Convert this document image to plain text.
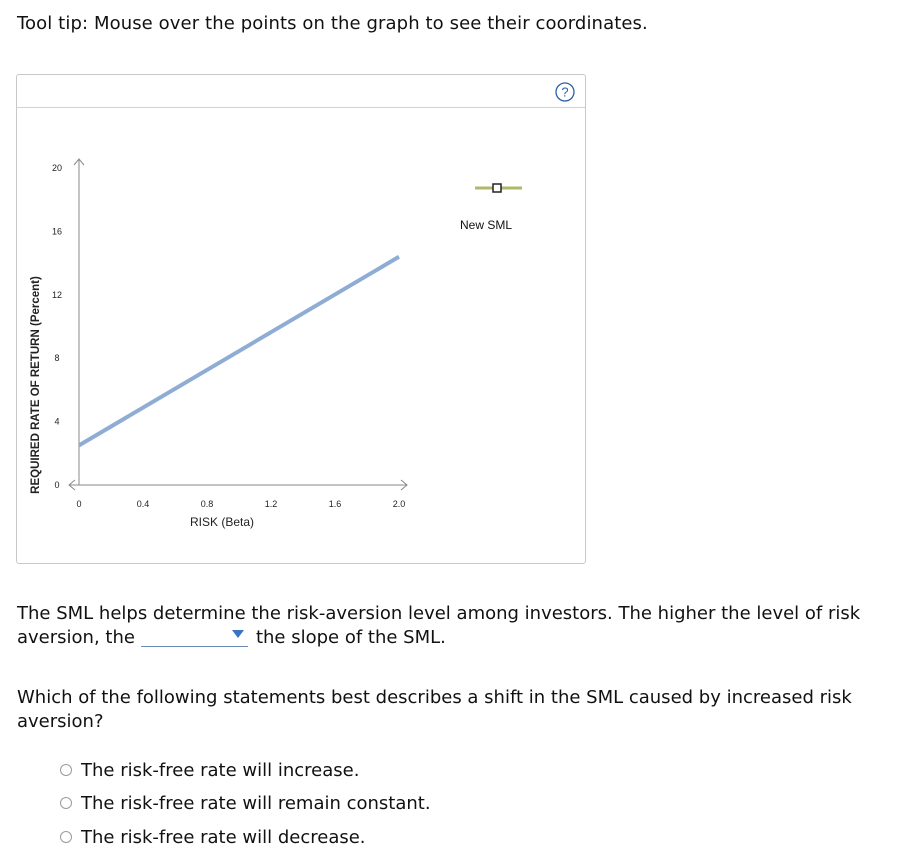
Tool tip: Mouse over the points on the graph to see their coordinates.
?
0
4
8
12
16
20
0	0.4	0.8	1.2	1.6	2.0
RISK (Beta)
REQUIRED RATE OF RETURN (Percent)
New SML
The SML helps determine the risk-aversion level among investors. The higher the level of risk aversion, the	the slope of the SML.
Which of the following statements best describes a shift in the SML caused by increased risk aversion?
The risk-free rate will increase.
The risk-free rate will remain constant.
The risk-free rate will decrease.
